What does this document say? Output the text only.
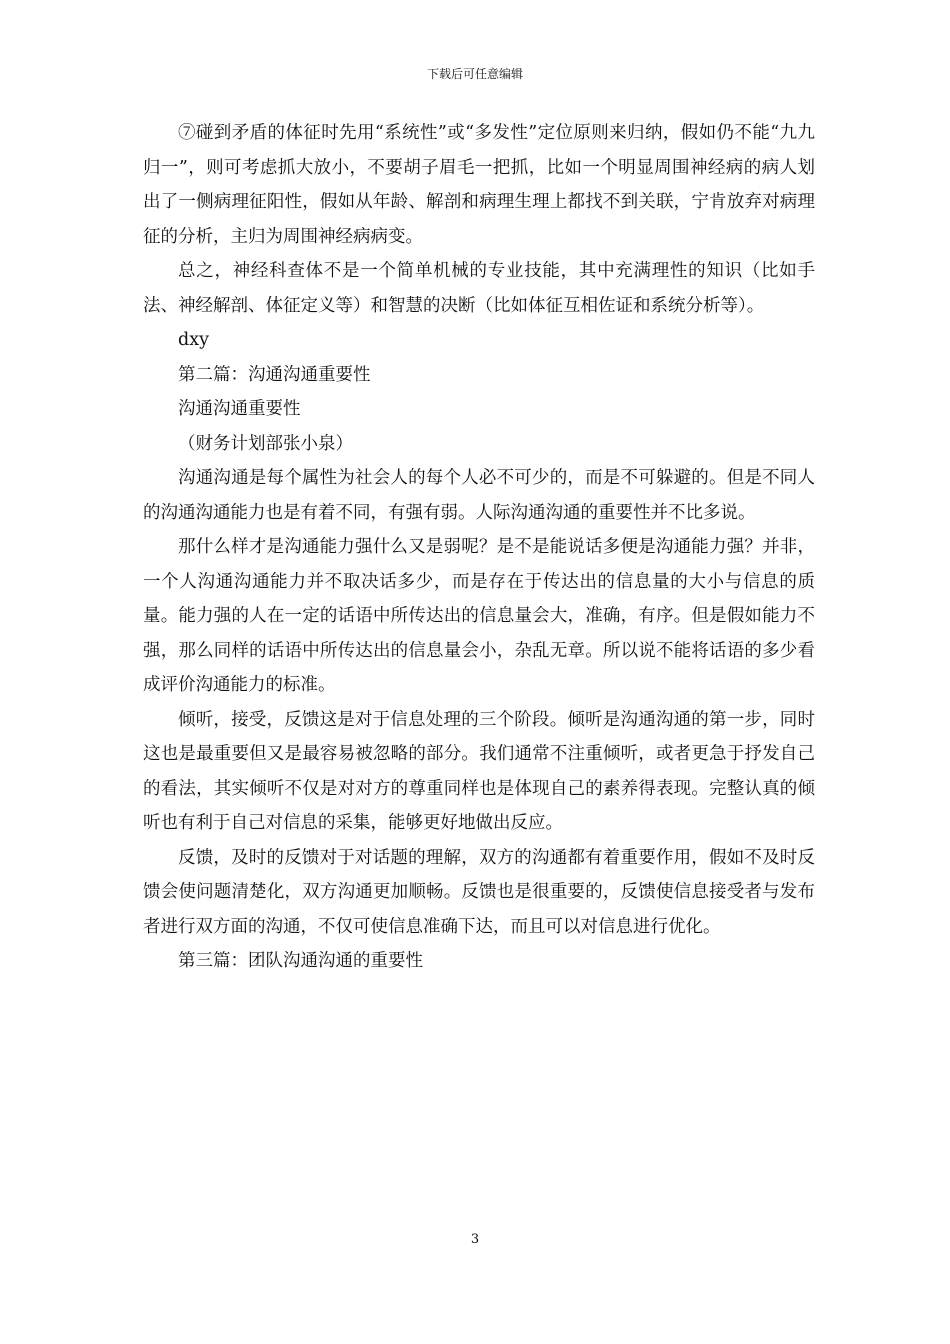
下载后可任意编辑

⑦碰到矛盾的体征时先用“系统性”或“多发性”定位原则来归纳，假如仍不能“九九归一”，则可考虑抓大放小，不要胡子眉毛一把抓，比如一个明显周围神经病的病人划出了一侧病理征阳性，假如从年龄、解剖和病理生理上都找不到关联，宁肯放弃对病理征的分析，主归为周围神经病病变。

总之，神经科查体不是一个简单机械的专业技能，其中充满理性的知识（比如手法、神经解剖、体征定义等）和智慧的决断（比如体征互相佐证和系统分析等）。

dxy

第二篇：沟通沟通重要性

沟通沟通重要性

（财务计划部张小泉）

沟通沟通是每个属性为社会人的每个人必不可少的，而是不可躲避的。但是不同人的沟通沟通能力也是有着不同，有强有弱。人际沟通沟通的重要性并不比多说。

那什么样才是沟通能力强什么又是弱呢？是不是能说话多便是沟通能力强？并非，一个人沟通沟通能力并不取决话多少，而是存在于传达出的信息量的大小与信息的质量。能力强的人在一定的话语中所传达出的信息量会大，准确，有序。但是假如能力不强，那么同样的话语中所传达出的信息量会小，杂乱无章。所以说不能将话语的多少看成评价沟通能力的标准。

倾听，接受，反馈这是对于信息处理的三个阶段。倾听是沟通沟通的第一步，同时这也是最重要但又是最容易被忽略的部分。我们通常不注重倾听，或者更急于抒发自己的看法，其实倾听不仅是对对方的尊重同样也是体现自己的素养得表现。完整认真的倾听也有利于自己对信息的采集，能够更好地做出反应。

反馈，及时的反馈对于对话题的理解，双方的沟通都有着重要作用，假如不及时反馈会使问题清楚化，双方沟通更加顺畅。反馈也是很重要的，反馈使信息接受者与发布者进行双方面的沟通，不仅可使信息准确下达，而且可以对信息进行优化。

第三篇：团队沟通沟通的重要性

3
